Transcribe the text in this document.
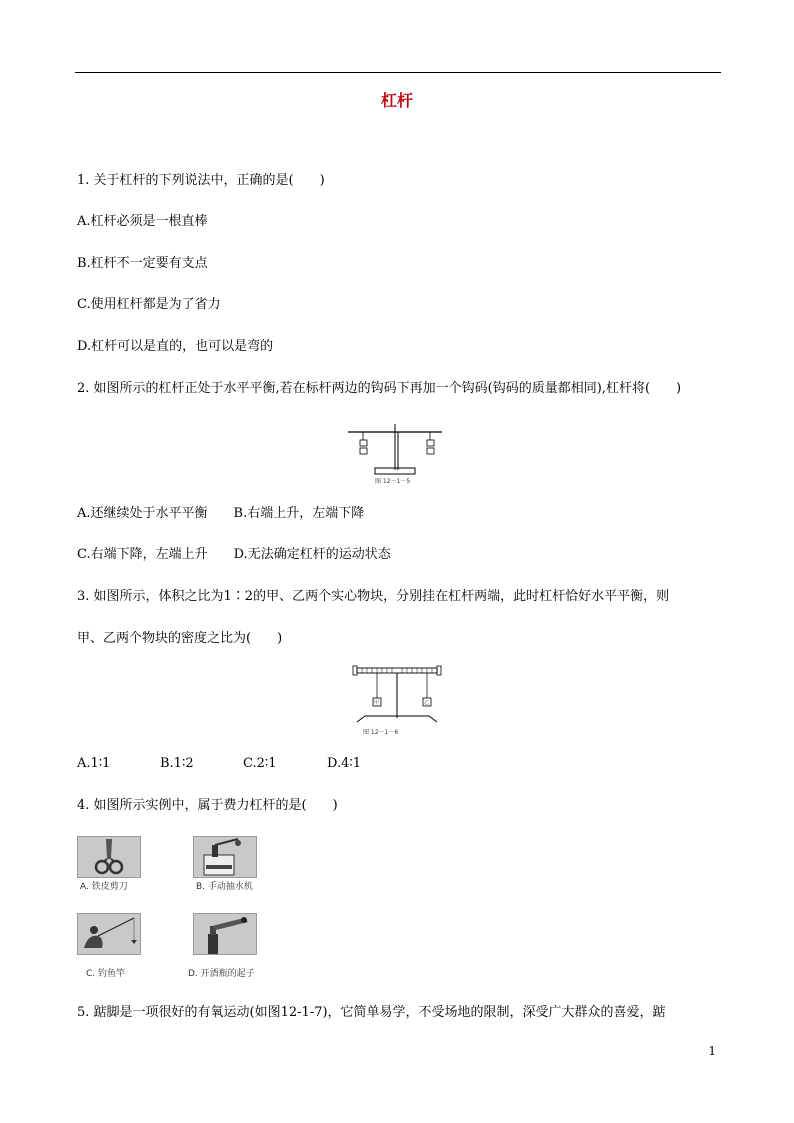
杠杆
1. 关于杠杆的下列说法中，正确的是(　　)
A.杠杆必须是一根直棒
B.杠杆不一定要有支点
C.使用杠杆都是为了省力
D.杠杆可以是直的，也可以是弯的
2. 如图所示的杠杆正处于水平平衡,若在标杆两边的钩码下再加一个钩码(钩码的质量都相同),杠杆将(　　)
图 12－1－5
A.还继续处于水平平衡　　B.右端上升，左端下降
C.右端下降，左端上升　　D.无法确定杠杆的运动状态
3. 如图所示，体积之比为1∶2的甲、乙两个实心物块，分别挂在杠杆两端，此时杠杆恰好水平平衡，则
甲、乙两个物块的密度之比为(　　)
甲	乙
图 12－1－6
A.1∶1	B.1∶2	C.2∶1	D.4∶1
4. 如图所示实例中，属于费力杠杆的是(　　)
A. 铁皮剪刀	B. 手动抽水机
C. 钓鱼竿	D. 开酒瓶的起子
5. 踮脚是一项很好的有氧运动(如图12-1-7)，它简单易学，不受场地的限制，深受广大群众的喜爱，踮
1
